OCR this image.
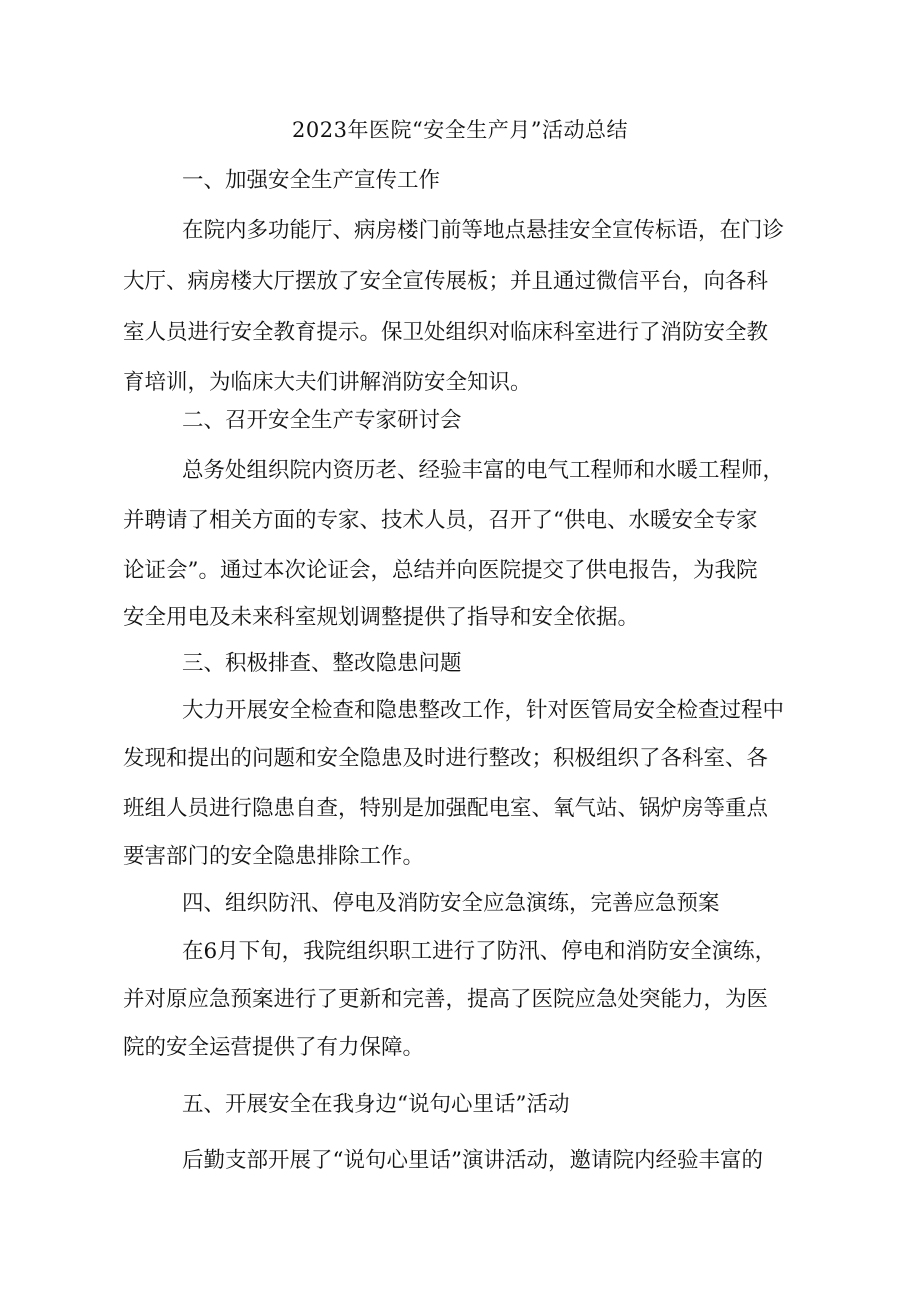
2023年医院“安全生产月”活动总结
一、加强安全生产宣传工作
在院内多功能厅、病房楼门前等地点悬挂安全宣传标语，在门诊
大厅、病房楼大厅摆放了安全宣传展板；并且通过微信平台，向各科
室人员进行安全教育提示。保卫处组织对临床科室进行了消防安全教
育培训，为临床大夫们讲解消防安全知识。
二、召开安全生产专家研讨会
总务处组织院内资历老、经验丰富的电气工程师和水暖工程师，
并聘请了相关方面的专家、技术人员，召开了“供电、水暖安全专家
论证会”。通过本次论证会，总结并向医院提交了供电报告，为我院
安全用电及未来科室规划调整提供了指导和安全依据。
三、积极排查、整改隐患问题
大力开展安全检查和隐患整改工作，针对医管局安全检查过程中
发现和提出的问题和安全隐患及时进行整改；积极组织了各科室、各
班组人员进行隐患自查，特别是加强配电室、氧气站、锅炉房等重点
要害部门的安全隐患排除工作。
四、组织防汛、停电及消防安全应急演练，完善应急预案
在6月下旬，我院组织职工进行了防汛、停电和消防安全演练，
并对原应急预案进行了更新和完善，提高了医院应急处突能力，为医
院的安全运营提供了有力保障。
五、开展安全在我身边“说句心里话”活动
后勤支部开展了“说句心里话”演讲活动，邀请院内经验丰富的
